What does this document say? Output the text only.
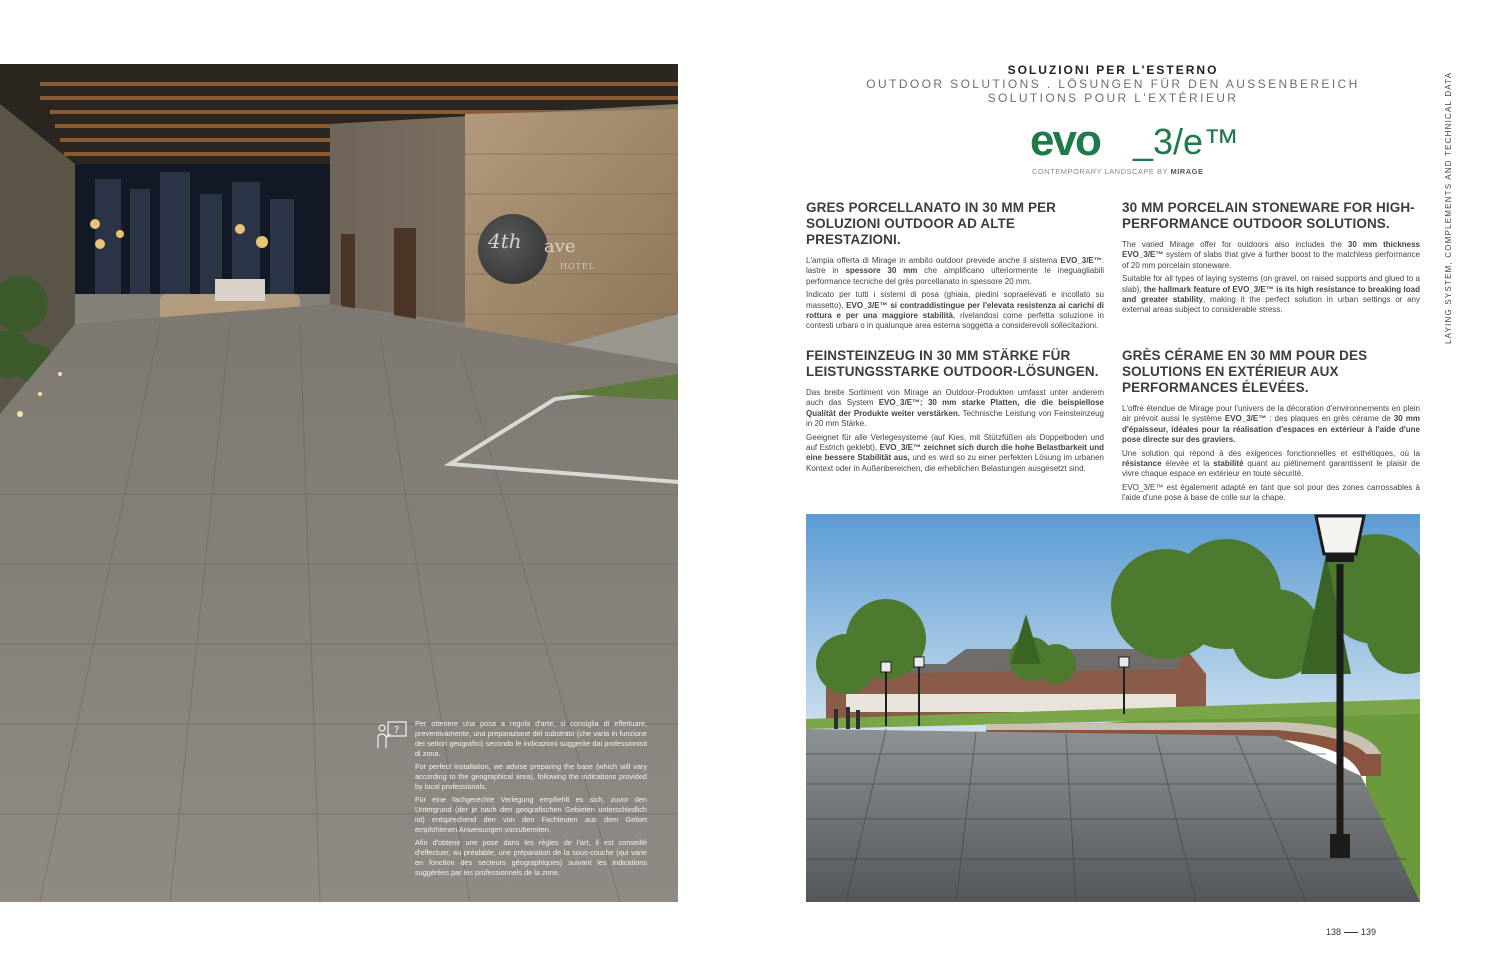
4th ave
HOTEL
?

Per ottenere una posa a regola d'arte, si consiglia di effettuare, preventivamente, una preparazione del substrato (che varia in funzione dei settori geografici) secondo le indicazioni suggerite dai professionisti di zona.

For perfect installation, we advise preparing the base (which will vary according to the geographical area), following the indications provided by local professionals.

Für eine fachgerechte Verlegung empfiehlt es sich, zuvor den Untergrund (der je nach den geografischen Gebieten unterschiedlich ist) entsprechend den von den Fachleuten aus dem Gebiet empfohlenen Anweisungen vorzubereiten.

Afin d'obtenir une pose dans les règles de l'art, il est conseillé d'effectuer, au préalable, une préparation de la sous-couche (qui varie en fonction des secteurs géographiques) suivant les indications suggérées par les professionnels de la zone.

SOLUZIONI PER L'ESTERNO
OUTDOOR SOLUTIONS . LÖSUNGEN FÜR DEN AUSSENBEREICH
SOLUTIONS POUR L'EXTÉRIEUR
evo _3/e™
CONTEMPORARY LANDSCAPE BY MIRAGE
GRES PORCELLANATO IN 30 MM PER SOLUZIONI OUTDOOR AD ALTE PRESTAZIONI.

L'ampia offerta di Mirage in ambito outdoor prevede anche il sistema EVO_3/E™: lastre in spessore 30 mm che amplificano ulteriormente le ineguagliabili performance tecniche del grès porcellanato in spessore 20 mm.

Indicato per tutti i sistemi di posa (ghiaia, piedini sopraelevati e incollato su massetto), EVO_3/E™ si contraddistingue per l'elevata resistenza ai carichi di rottura e per una maggiore stabilità, rivelandosi come perfetta soluzione in contesti urbani o in qualunque area esterna soggetta a considerevoli sollecitazioni.

30 MM PORCELAIN STONEWARE FOR HIGH-PERFORMANCE OUTDOOR SOLUTIONS.

The varied Mirage offer for outdoors also includes the 30 mm thickness EVO_3/E™ system of slabs that give a further boost to the matchless performance of 20 mm porcelain stoneware.

Suitable for all types of laying systems (on gravel, on raised supports and glued to a slab), the hallmark feature of EVO_3/E™ is its high resistance to breaking load and greater stability, making it the perfect solution in urban settings or any external areas subject to considerable stress.

FEINSTEINZEUG IN 30 MM STÄRKE FÜR LEISTUNGSSTARKE OUTDOOR-LÖSUNGEN.

Das breite Sortiment von Mirage an Outdoor-Produkten umfasst unter anderem auch das System EVO_3/E™: 30 mm starke Platten, die die beispiellose Qualität der Produkte weiter verstärken. Technische Leistung von Feinsteinzeug in 20 mm Stärke.

Geeignet für alle Verlegesysteme (auf Kies, mit Stützfüßen als Doppelboden und auf Estrich geklebt), EVO_3/E™ zeichnet sich durch die hohe Belastbarkeit und eine bessere Stabilität aus, und es wird so zu einer perfekten Lösung im urbanen Kontext oder in Außenbereichen, die erheblichen Belastungen ausgesetzt sind.

GRÈS CÉRAME EN 30 MM POUR DES SOLUTIONS EN EXTÉRIEUR AUX PERFORMANCES ÉLEVÉES.

L'offre étendue de Mirage pour l'univers de la décoration d'environnements en plein air prévoit aussi le système EVO_3/E™ : des plaques en grès cérame de 30 mm d'épaisseur, idéales pour la réalisation d'espaces en extérieur à l'aide d'une pose directe sur des graviers.

Une solution qui répond à des exigences fonctionnelles et esthétiques, où la résistance élevée et la stabilité quant au piétinement garantissent le plaisir de vivre chaque espace en extérieur en toute sécurité.

EVO_3/E™ est également adapté en tant que sol pour des zones carrossables à l'aide d'une pose à base de colle sur la chape.

LAYING SYSTEM, COMPLEMENTS AND TECHNICAL DATA
138 139
